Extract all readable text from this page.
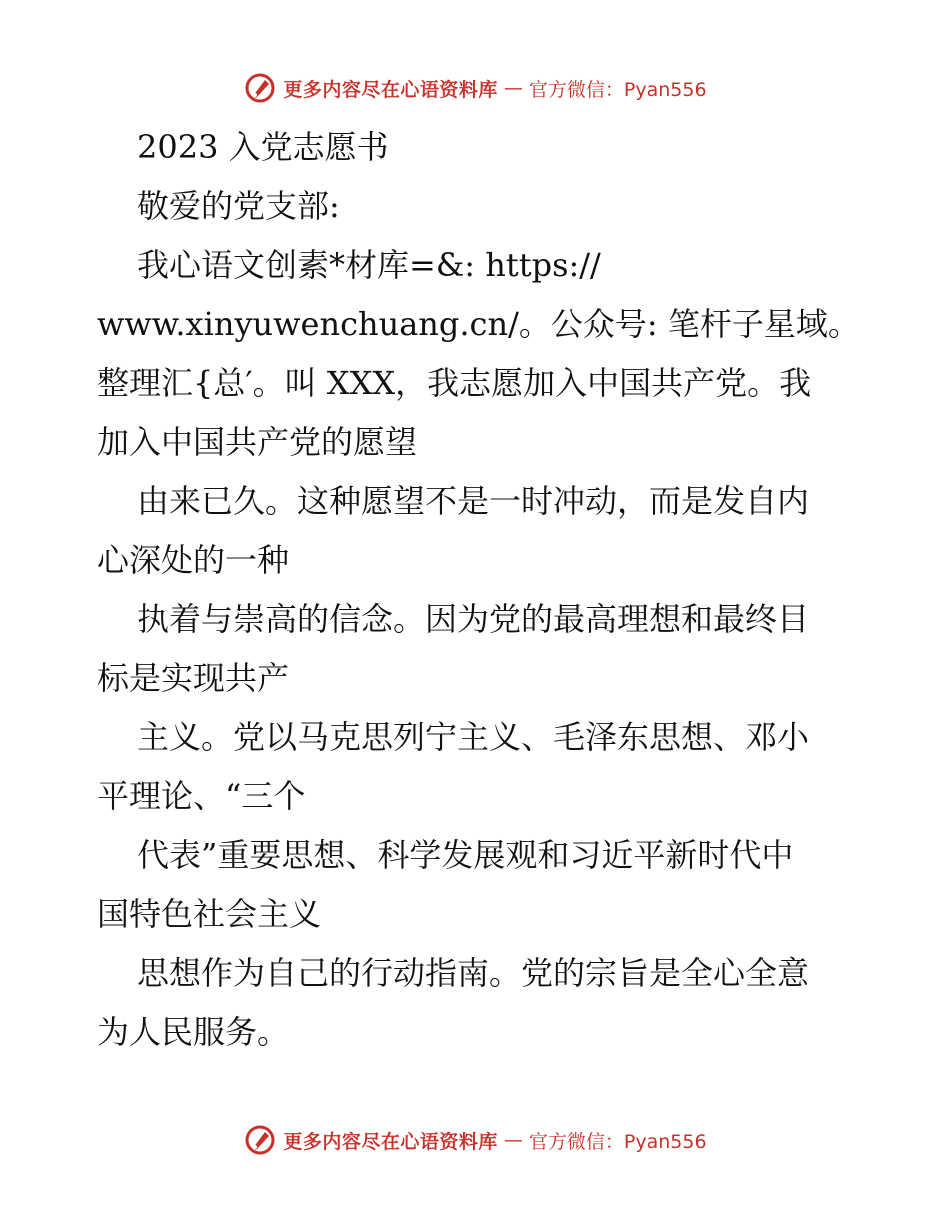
更多内容尽在心语资料库 — 官方微信：Pyan556
2023 入党志愿书
敬爱的党支部:
我心语文创素*材库=&: https://
www.xinyuwenchuang.cn/。公众号: 笔杆子星域。
整理汇{总′。叫 XXX，我志愿加入中国共产党。我
加入中国共产党的愿望
由来已久。这种愿望不是一时冲动，而是发自内
心深处的一种
执着与崇高的信念。因为党的最高理想和最终目
标是实现共产
主义。党以马克思列宁主义、毛泽东思想、邓小
平理论、“三个
代表”重要思想、科学发展观和习近平新时代中
国特色社会主义
思想作为自己的行动指南。党的宗旨是全心全意
为人民服务。
更多内容尽在心语资料库 — 官方微信：Pyan556
